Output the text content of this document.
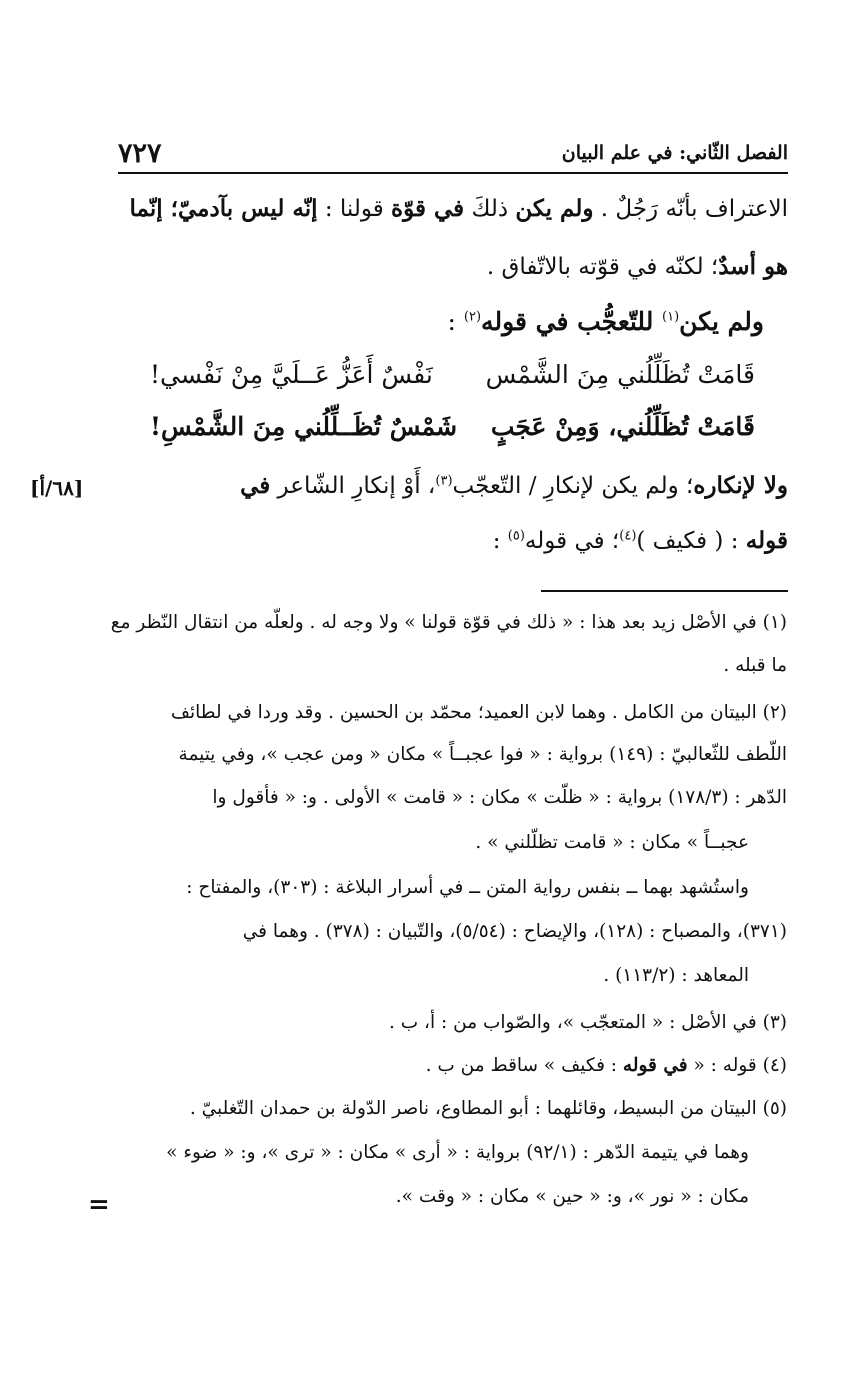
الفصل الثّاني: في علم البيان
٧٢٧
الاعتراف بأنّه رَجُلٌ . ولم يكن ذلكَ في قوّة قولنا : إنّه ليس بآدميّ؛ إنّما
هو أسدٌ؛ لكنّه في قوّته بالاتّفاق .
ولم يكن$^{(١)}$ للتّعجُّب في قوله$^{(٢)}$ :
قَامَتْ تُظَلِّلُني مِنَ الشَّمْس
نَفْسٌ أَعَزُّ عَــلَيَّ مِنْ نَفْسي!
قَامَتْ تُظَلِّلُني، وَمِنْ عَجَبٍ
شَمْسٌ تُظَــلِّلُني مِنَ الشَّمْسِ!
ولا لإنكاره؛ ولم يكن لإنكارِ / التّعجّب$^{(٣)}$، أَوْ إنكارِ الشّاعر في
قوله : ( فكيف )$^{(٤)}$؛ في قوله$^{(٥)}$ :
[٦٨/أ]
(١) في الأصْل زيد بعد هذا : « ذلك في قوّة قولنا » ولا وجه له . ولعلّه من انتقال النّظر مع
ما قبله .
(٢) البيتان من الكامل . وهما لابن العميد؛ محمّد بن الحسين . وقد وردا في لطائف
اللّطف للثّعالبيّ : (١٤٩) برواية : « فوا عجبــاً » مكان « ومن عجب »، وفي يتيمة
الدّهر : (١٧٨/٣) برواية : « ظلّت » مكان : « قامت » الأولى . و: « فأقول وا
عجبــاً » مكان : « قامت تظلّلني » .
واستُشهد بهما ــ بنفس رواية المتن ــ في أسرار البلاغة : (٣٠٣)، والمفتاح :
(٣٧١)، والمصباح : (١٢٨)، والإيضاح : (٥/٥٤)، والتّبيان : (٣٧٨) . وهما في
المعاهد : (١١٣/٢) .
(٣) في الأصْل : « المتعجّب »، والصّواب من : أ، ب .
(٤) قوله : « في قوله : فكيف » ساقط من ب .
(٥) البيتان من البسيط، وقائلهما : أبو المطاوع، ناصر الدّولة بن حمدان التّغلبيّ .
وهما في يتيمة الدّهر : (٩٢/١) برواية : « أرى » مكان : « ترى »، و: « ضوء »
مكان : « نور »، و: « حين » مكان : « وقت ».
=
